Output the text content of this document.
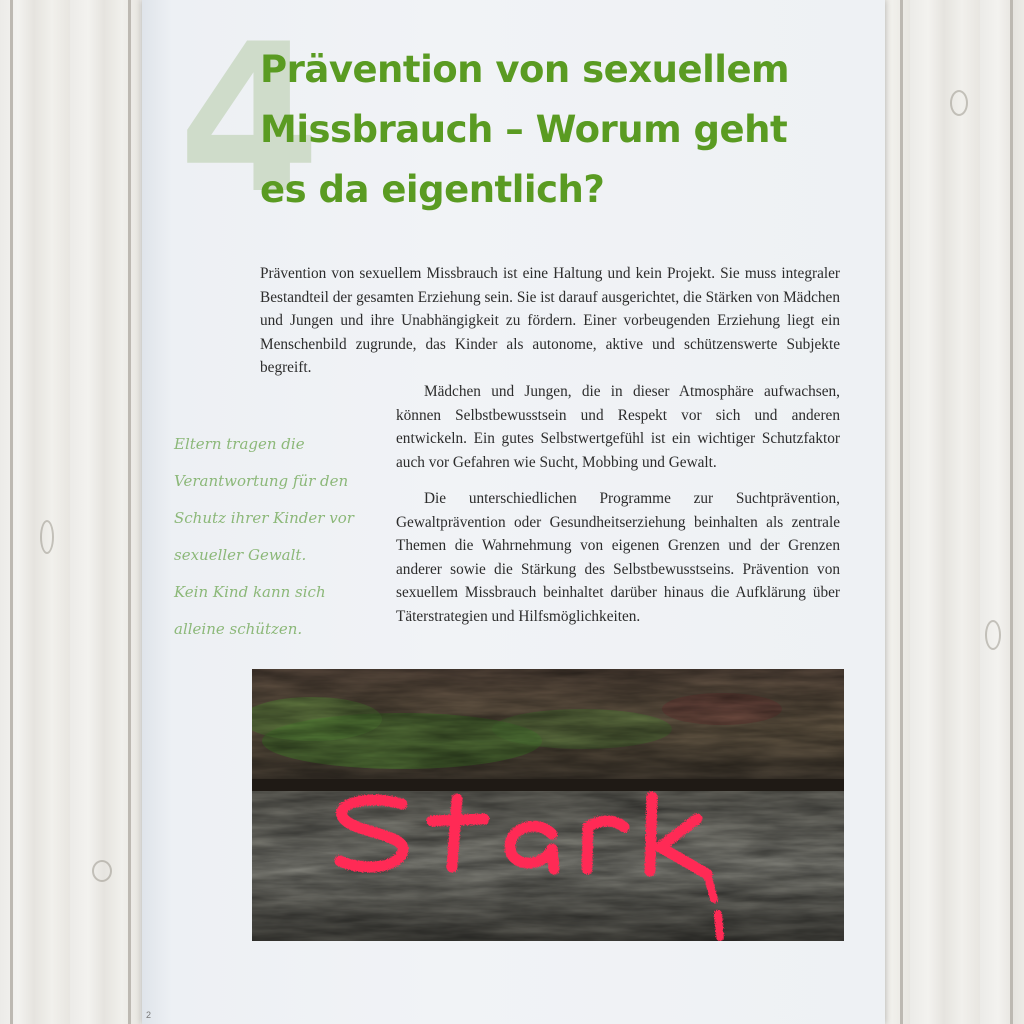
4
Prävention von sexuellem
Missbrauch – Worum geht
es da eigentlich?

Prävention von sexuellem Missbrauch ist eine Haltung und kein Projekt. Sie muss integraler Bestandteil der gesamten Erziehung sein. Sie ist darauf ausgerichtet, die Stärken von Mädchen und Jungen und ihre Unabhängigkeit zu fördern. Einer vorbeugenden Erziehung liegt ein Menschenbild zugrunde, das Kinder als autonome, aktive und schützenswerte Subjekte begreift.

Mädchen und Jungen, die in dieser Atmosphäre aufwachsen, können Selbstbewusstsein und Respekt vor sich und anderen entwickeln. Ein gutes Selbstwertgefühl ist ein wichtiger Schutzfaktor auch vor Gefahren wie Sucht, Mobbing und Gewalt.

Die unterschiedlichen Programme zur Suchtprävention, Gewaltprävention oder Gesundheitserziehung beinhalten als zentrale Themen die Wahrnehmung von eigenen Grenzen und der Grenzen anderer sowie die Stärkung des Selbstbewusstseins. Prävention von sexuellem Missbrauch beinhaltet darüber hinaus die Aufklärung über Täterstrategien und Hilfsmöglichkeiten.

Eltern tragen die
Verantwortung für den
Schutz ihrer Kinder vor
sexueller Gewalt.
Kein Kind kann sich
alleine schützen.
2
